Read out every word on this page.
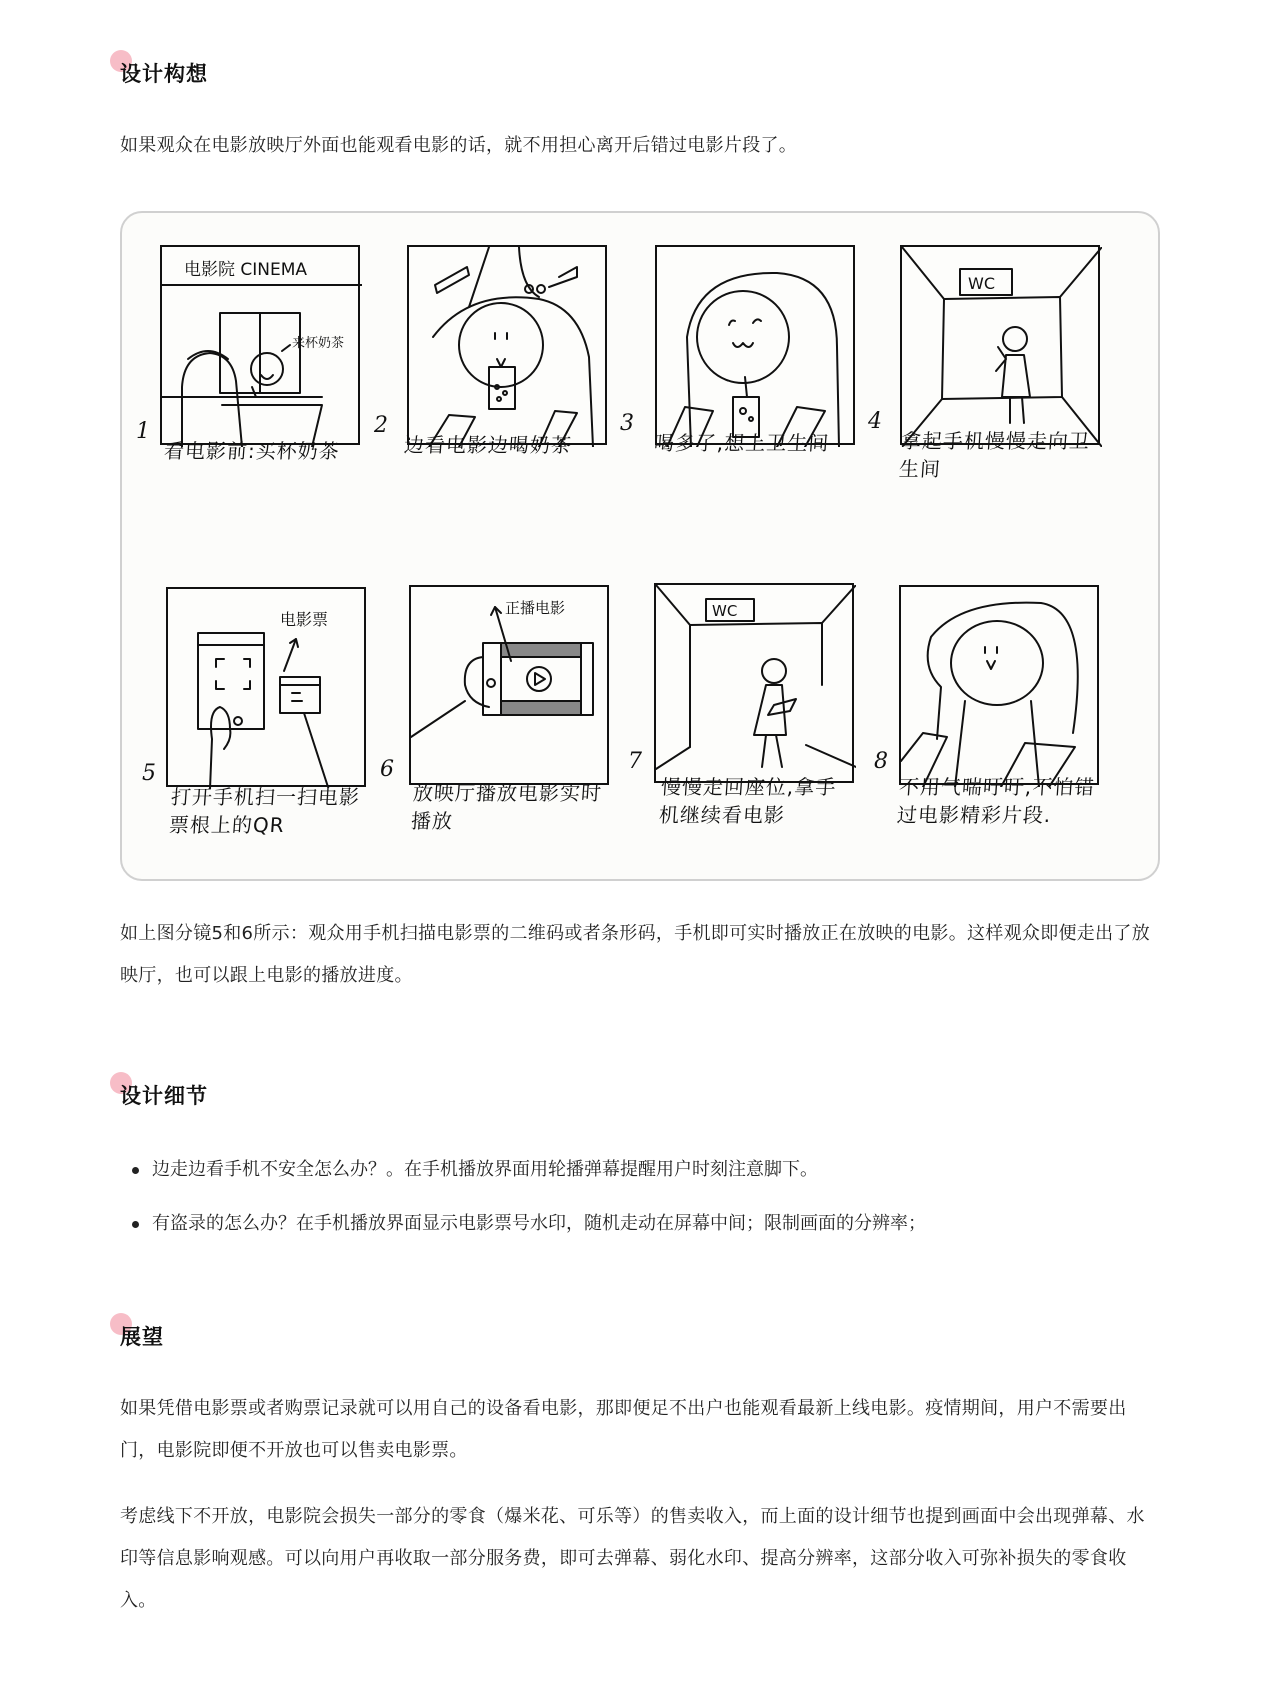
设计构想
如果观众在电影放映厅外面也能观看电影的话，就不用担心离开后错过电影片段了。
电影院 CINEMA
来杯奶茶
1
看电影前:买杯奶茶
2
边看电影边喝奶茶
3
喝多了,想上卫生间
WC
4
拿起手机慢慢走向卫生间
电影票
5
打开手机扫一扫电影票根上的QR
正播电影
6
放映厅播放电影实时播放
WC
7
慢慢走回座位,拿手机继续看电影
8
不用气喘吁吁,不怕错过电影精彩片段.
如上图分镜5和6所示：观众用手机扫描电影票的二维码或者条形码，手机即可实时播放正在放映的电影。这样观众即便走出了放映厅，也可以跟上电影的播放进度。
设计细节
边走边看手机不安全怎么办？。在手机播放界面用轮播弹幕提醒用户时刻注意脚下。
有盗录的怎么办？在手机播放界面显示电影票号水印，随机走动在屏幕中间；限制画面的分辨率；
展望
如果凭借电影票或者购票记录就可以用自己的设备看电影，那即便足不出户也能观看最新上线电影。疫情期间，用户不需要出门，电影院即便不开放也可以售卖电影票。
考虑线下不开放，电影院会损失一部分的零食（爆米花、可乐等）的售卖收入，而上面的设计细节也提到画面中会出现弹幕、水印等信息影响观感。可以向用户再收取一部分服务费，即可去弹幕、弱化水印、提高分辨率，这部分收入可弥补损失的零食收入。
